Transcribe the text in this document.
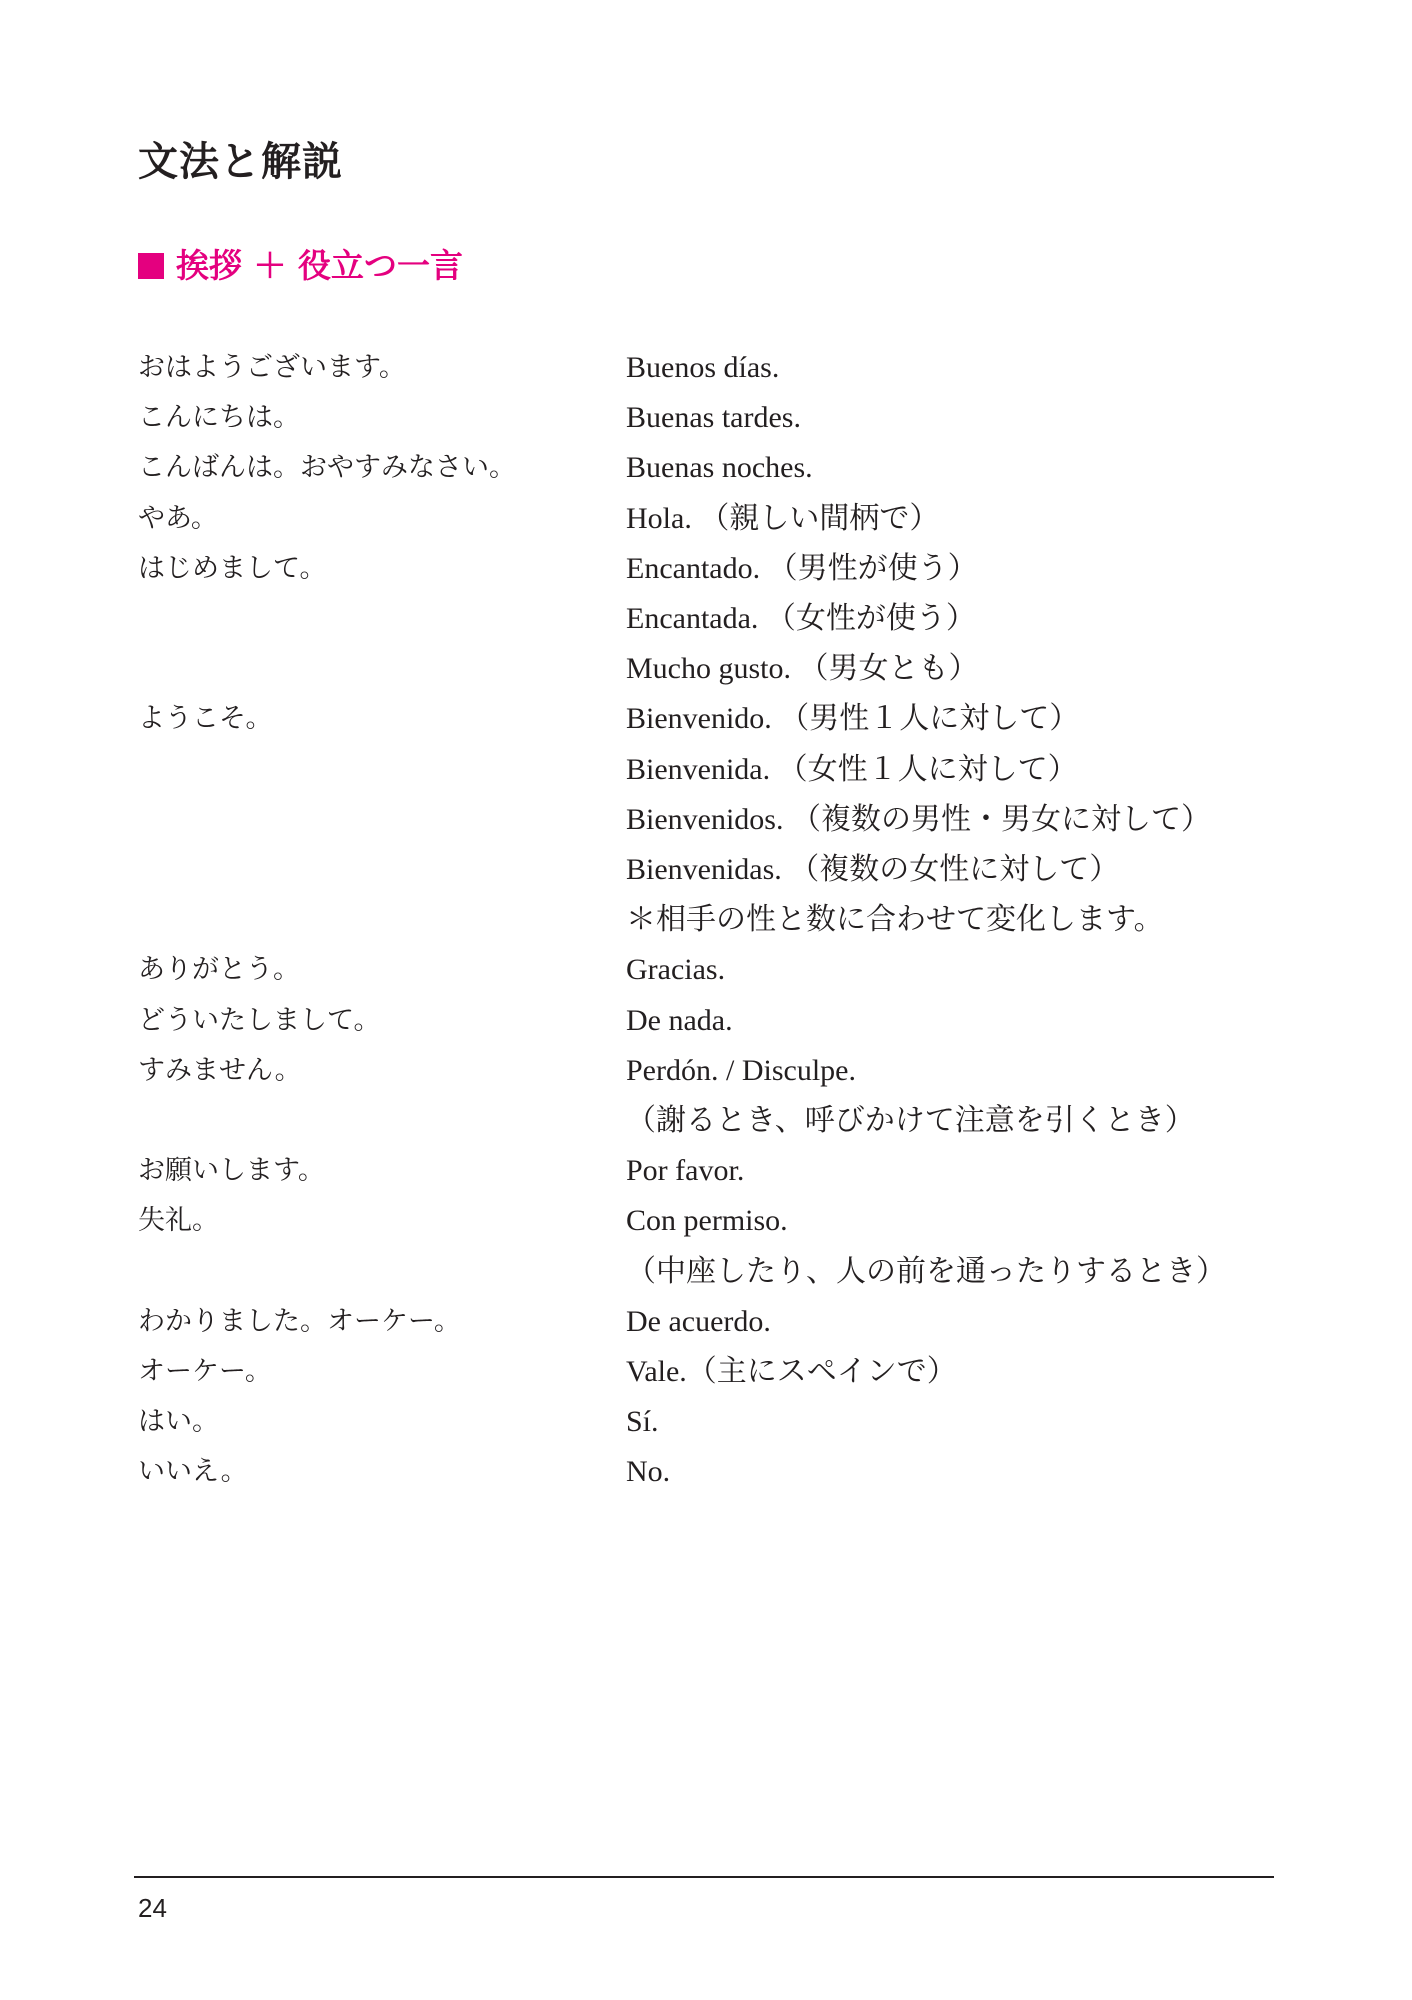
文法と解説
挨拶 ＋ 役立つ一言

おはようございます。	Buenos días.

こんにちは。	Buenas tardes.

こんばんは。おやすみなさい。	Buenas noches.

やあ。	Hola. （親しい間柄で）

はじめまして。	Encantado. （男性が使う）

Encantada. （女性が使う）

Mucho gusto. （男女とも）

ようこそ。	Bienvenido. （男性１人に対して）

Bienvenida. （女性１人に対して）

Bienvenidos. （複数の男性・男女に対して）

Bienvenidas. （複数の女性に対して）

＊相手の性と数に合わせて変化します。

ありがとう。	Gracias.

どういたしまして。	De nada.

すみません。	Perdón. / Disculpe.

（謝るとき、呼びかけて注意を引くとき）

お願いします。	Por favor.

失礼。	Con permiso.

（中座したり、人の前を通ったりするとき）

わかりました。オーケー。	De acuerdo.

オーケー。	Vale.（主にスペインで）

はい。	Sí.

いいえ。	No.

24
